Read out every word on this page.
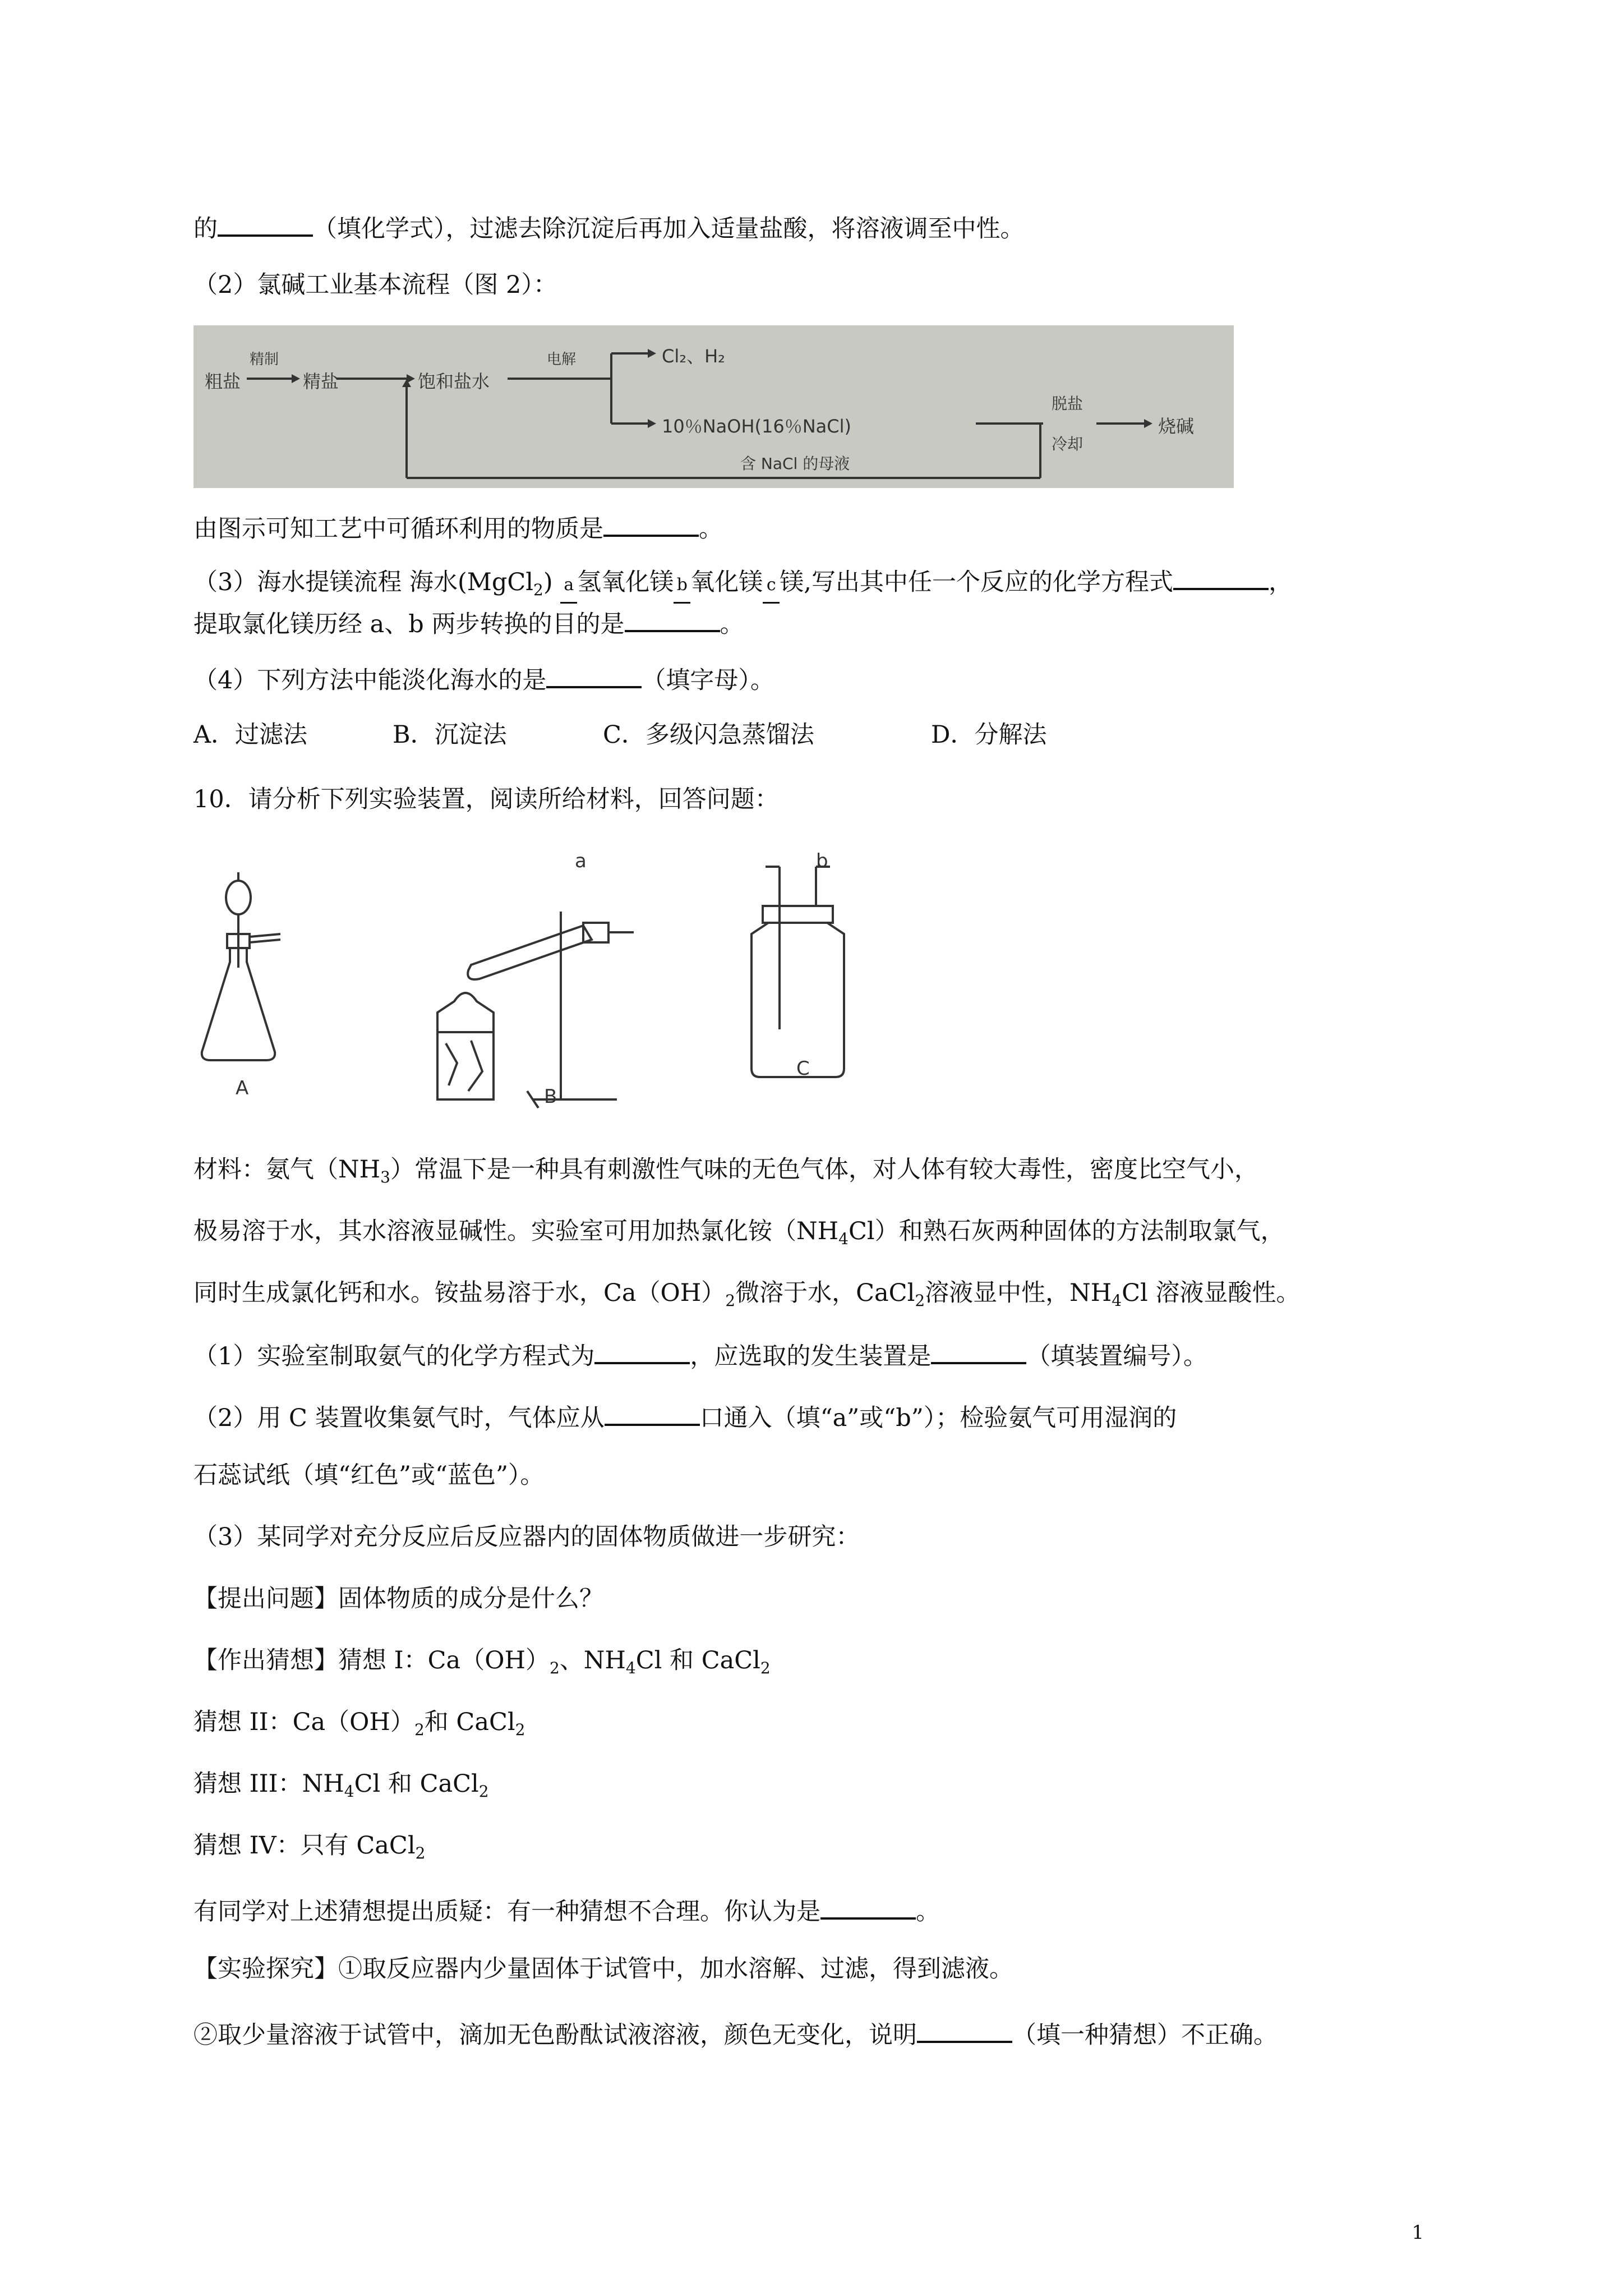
的	（填化学式），过滤去除沉淀后再加入适量盐酸，将溶液调至中性。
（2）氯碱工业基本流程（图 2）：
粗盐
精制
精盐	饱和盐水
电解	Cl₂、H₂
10％NaOH(16％NaCl)
脱盐
冷却
烧碱
含 NaCl 的母液
由图示可知工艺中可循环利用的物质是	。
（3）海水提镁流程 海水(MgCl$_2$) a 氢氧化镁 b 氧化镁 c 镁,写出其中任一个反应的化学方程式	，
提取氯化镁历经 a、b 两步转换的目的是	。
（4）下列方法中能淡化海水的是	（填字母）。
A．过滤法	B．沉淀法	C．多级闪急蒸馏法	D．分解法
10．请分析下列实验装置，阅读所给材料，回答问题：
a	b
A	B
C
材料：氨气$(NH_3)$常温下是一种具有刺激性气味的无色气体，对人体有较大毒性，密度比空气小，
极易溶于水，其水溶液显碱性。实验室可用加热氯化铵$(NH_4Cl)$和熟石灰两种固体的方法制取氯气，
同时生成氯化钙和水。铵盐易溶于水，$Ca(OH)_2$微溶于水，CaCl$_2$溶液显中性，$NH_4Cl$ 溶液显酸性。
（1）实验室制取氨气的化学方程式为	，应选取的发生装置是	（填装置编号）。
（2）用 C 装置收集氨气时，气体应从	口通入（填“a”或“b”）；检验氨气可用湿润的
石蕊试纸（填“红色”或“蓝色”）。
（3）某同学对充分反应后反应器内的固体物质做进一步研究：
【提出问题】固体物质的成分是什么？
【作出猜想】猜想 I：$Ca(OH)_2$、$NH_4Cl$ 和 CaCl$_2$
猜想 II：$Ca(OH)_2$和 CaCl$_2$
猜想 III：$NH_4Cl$ 和 CaCl$_2$
猜想 IV：只有 CaCl$_2$
有同学对上述猜想提出质疑：有一种猜想不合理。你认为是	。
【实验探究】①取反应器内少量固体于试管中，加水溶解、过滤，得到滤液。
②取少量溶液于试管中，滴加无色酚酞试液溶液，颜色无变化，说明	（填一种猜想）不正确。
1
